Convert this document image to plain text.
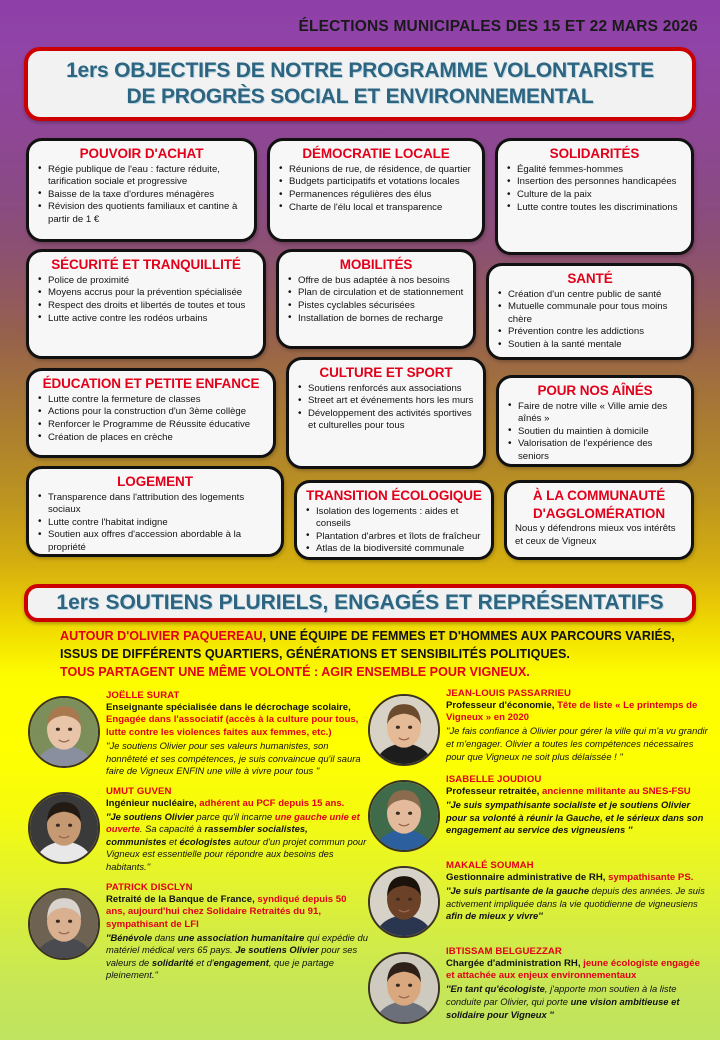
ÉLECTIONS MUNICIPALES DES 15 ET 22 MARS 2026
1ers OBJECTIFS DE NOTRE PROGRAMME VOLONTARISTE
DE PROGRÈS SOCIAL ET ENVIRONNEMENTAL
POUVOIR D'ACHAT
• Régie publique de l'eau : facture réduite, tarification sociale et progressive
• Baisse de la taxe d'ordures ménagères
• Révision des quotients familiaux et cantine à partir de 1 €
DÉMOCRATIE LOCALE
• Réunions de rue, de résidence, de quartier
• Budgets participatifs et votations locales
• Permanences régulières des élus
• Charte de l'élu local et transparence
SOLIDARITÉS
• Égalité femmes-hommes
• Insertion des personnes handicapées
• Culture de la paix
• Lutte contre toutes les discriminations
SÉCURITÉ ET TRANQUILLITÉ
• Police de proximité
• Moyens accrus pour la prévention spécialisée
• Respect des droits et libertés de toutes et tous
• Lutte active contre les rodéos urbains
MOBILITÉS
• Offre de bus adaptée à nos besoins
• Plan de circulation et de stationnement
• Pistes cyclables sécurisées
• Installation de bornes de recharge
SANTÉ
• Création d'un centre public de santé
• Mutuelle communale pour tous moins chère
• Prévention contre les addictions
• Soutien à la santé mentale
ÉDUCATION ET PETITE ENFANCE
• Lutte contre la fermeture de classes
• Actions pour la construction d'un 3ème collège
• Renforcer le Programme de Réussite éducative
• Création de places en crèche
CULTURE ET SPORT
• Soutiens renforcés aux associations
• Street art et événements hors les murs
• Développement des activités sportives et culturelles pour tous
POUR NOS AÎNÉS
• Faire de notre ville « Ville amie des aînés »
• Soutien du maintien à domicile
• Valorisation de l'expérience des seniors
LOGEMENT
• Transparence dans l'attribution des logements sociaux
• Lutte contre l'habitat indigne
• Soutien aux offres d'accession abordable à la propriété
TRANSITION ÉCOLOGIQUE
• Isolation des logements : aides et conseils
• Plantation d'arbres et îlots de fraîcheur
• Atlas de la biodiversité communale
À LA COMMUNAUTÉ
D'AGGLOMÉRATION

Nous y défendrons mieux vos intérêts et ceux de Vigneux

1ers SOUTIENS PLURIELS, ENGAGÉS ET REPRÉSENTATIFS
AUTOUR D'OLIVIER PAQUEREAU, UNE ÉQUIPE DE FEMMES ET D'HOMMES AUX PARCOURS VARIÉS, ISSUS DE DIFFÉRENTS QUARTIERS, GÉNÉRATIONS ET SENSIBILITÉS POLITIQUES.
TOUS PARTAGENT UNE MÊME VOLONTÉ : AGIR ENSEMBLE POUR VIGNEUX.
JOËLLE SURAT
Enseignante spécialisée dans le décrochage scolaire, Engagée dans l'associatif (accès à la culture pour tous, lutte contre les violences faites aux femmes, etc.)
''Je soutiens Olivier pour ses valeurs humanistes, son honnêteté et ses compétences, je suis convaincue qu'il saura faire de Vigneux ENFIN une ville à vivre pour tous ''
UMUT GUVEN
Ingénieur nucléaire, adhérent au PCF depuis 15 ans.
''Je soutiens Olivier parce qu'il incarne une gauche unie et ouverte. Sa capacité à rassembler socialistes, communistes et écologistes autour d'un projet commun pour Vigneux est essentielle pour répondre aux besoins des habitants.''
PATRICK DISCLYN
Retraité de la Banque de France, syndiqué depuis 50 ans, aujourd'hui chez Solidaire Retraités du 91, sympathisant de LFI
''Bénévole dans une association humanitaire qui expédie du matériel médical vers 65 pays. Je soutiens Olivier pour ses valeurs de solidarité et d'engagement, que je partage pleinement.''
JEAN-LOUIS PASSARRIEU
Professeur d'économie, Tête de liste « Le printemps de Vigneux » en 2020
''Je fais confiance à Olivier pour gérer la ville qui m'a vu grandir et m'engager. Olivier a toutes les compétences nécessaires pour que Vigneux ne soit plus délaissée ! ''
ISABELLE JOUDIOU
Professeur retraitée, ancienne militante au SNES-FSU
''Je suis sympathisante socialiste et je soutiens Olivier pour sa volonté à réunir la Gauche, et le sérieux dans son engagement au service des vigneusiens ''
MAKALÉ SOUMAH
Gestionnaire administrative de RH, sympathisante PS.
''Je suis partisante de la gauche depuis des années. Je suis activement impliquée dans la vie quotidienne de vigneusiens afin de mieux y vivre''
IBTISSAM BELGUEZZAR
Chargée d'administration RH, jeune écologiste engagée et attachée aux enjeux environnementaux
''En tant qu'écologiste, j'apporte mon soutien à la liste conduite par Olivier, qui porte une vision ambitieuse et solidaire pour Vigneux ''
